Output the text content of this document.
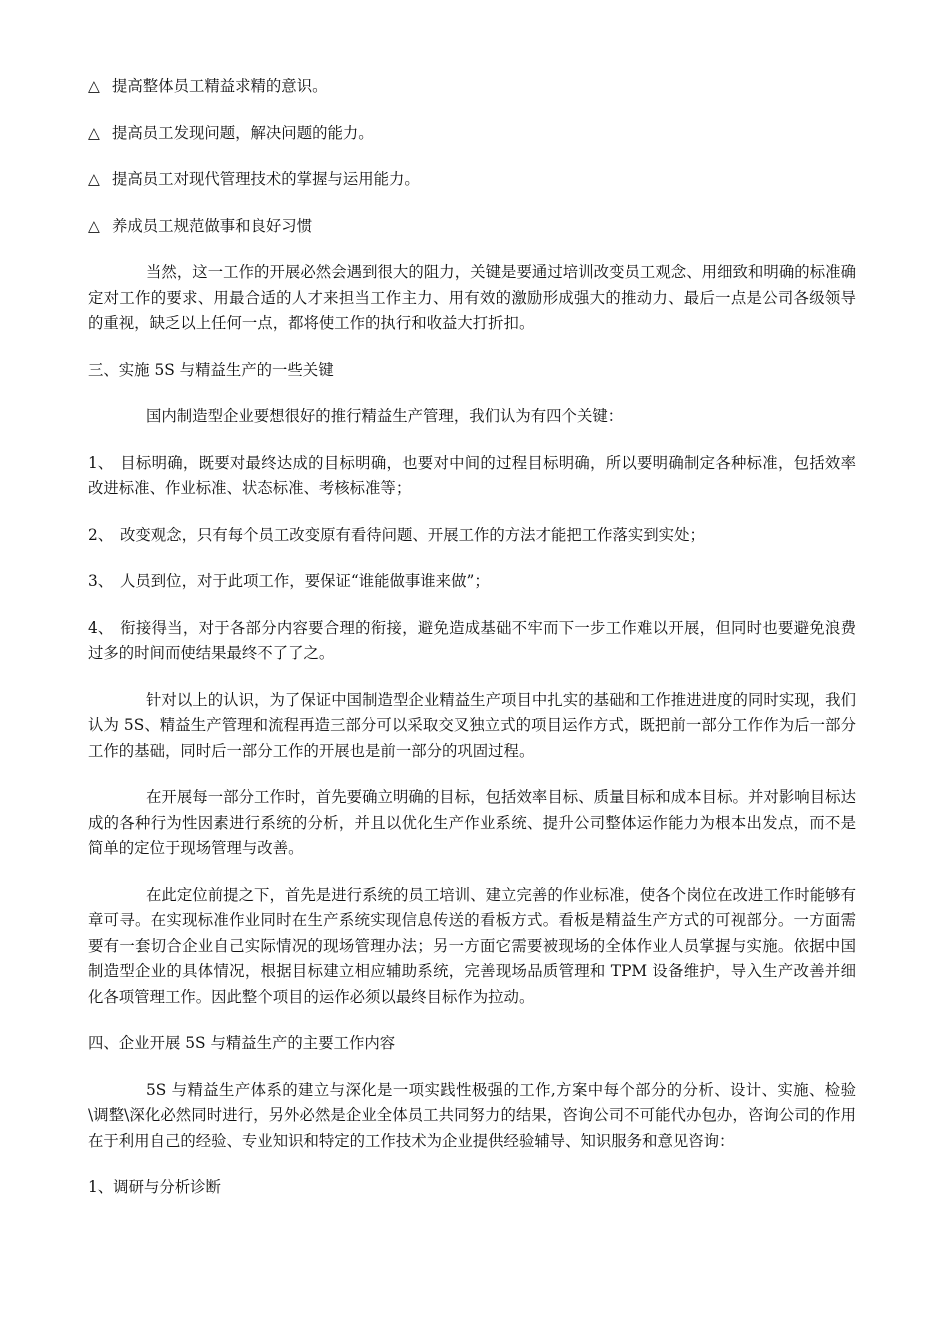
△ 提高整体员工精益求精的意识。

△ 提高员工发现问题，解决问题的能力。

△ 提高员工对现代管理技术的掌握与运用能力。

△ 养成员工规范做事和良好习惯

当然，这一工作的开展必然会遇到很大的阻力，关键是要通过培训改变员工观念、用细致和明确的标准确定对工作的要求、用最合适的人才来担当工作主力、用有效的激励形成强大的推动力、最后一点是公司各级领导的重视，缺乏以上任何一点，都将使工作的执行和收益大打折扣。

三、实施 5S 与精益生产的一些关键

国内制造型企业要想很好的推行精益生产管理，我们认为有四个关键：

1、 目标明确，既要对最终达成的目标明确，也要对中间的过程目标明确，所以要明确制定各种标准，包括效率改进标准、作业标准、状态标准、考核标准等；

2、 改变观念，只有每个员工改变原有看待问题、开展工作的方法才能把工作落实到实处；

3、 人员到位，对于此项工作，要保证“谁能做事谁来做”；

4、 衔接得当，对于各部分内容要合理的衔接，避免造成基础不牢而下一步工作难以开展，但同时也要避免浪费过多的时间而使结果最终不了了之。

针对以上的认识，为了保证中国制造型企业精益生产项目中扎实的基础和工作推进进度的同时实现，我们认为 5S、精益生产管理和流程再造三部分可以采取交叉独立式的项目运作方式，既把前一部分工作作为后一部分工作的基础，同时后一部分工作的开展也是前一部分的巩固过程。

在开展每一部分工作时，首先要确立明确的目标，包括效率目标、质量目标和成本目标。并对影响目标达成的各种行为性因素进行系统的分析，并且以优化生产作业系统、提升公司整体运作能力为根本出发点，而不是简单的定位于现场管理与改善。

在此定位前提之下，首先是进行系统的员工培训、建立完善的作业标准，使各个岗位在改进工作时能够有章可寻。在实现标准作业同时在生产系统实现信息传送的看板方式。看板是精益生产方式的可视部分。一方面需要有一套切合企业自己实际情况的现场管理办法；另一方面它需要被现场的全体作业人员掌握与实施。依据中国制造型企业的具体情况，根据目标建立相应辅助系统，完善现场品质管理和 TPM 设备维护，导入生产改善并细化各项管理工作。因此整个项目的运作必须以最终目标作为拉动。

四、企业开展 5S 与精益生产的主要工作内容

5S 与精益生产体系的建立与深化是一项实践性极强的工作,方案中每个部分的分析、设计、实施、检验\调整\深化必然同时进行，另外必然是企业全体员工共同努力的结果，咨询公司不可能代办包办，咨询公司的作用在于利用自己的经验、专业知识和特定的工作技术为企业提供经验辅导、知识服务和意见咨询：

1、调研与分析诊断
